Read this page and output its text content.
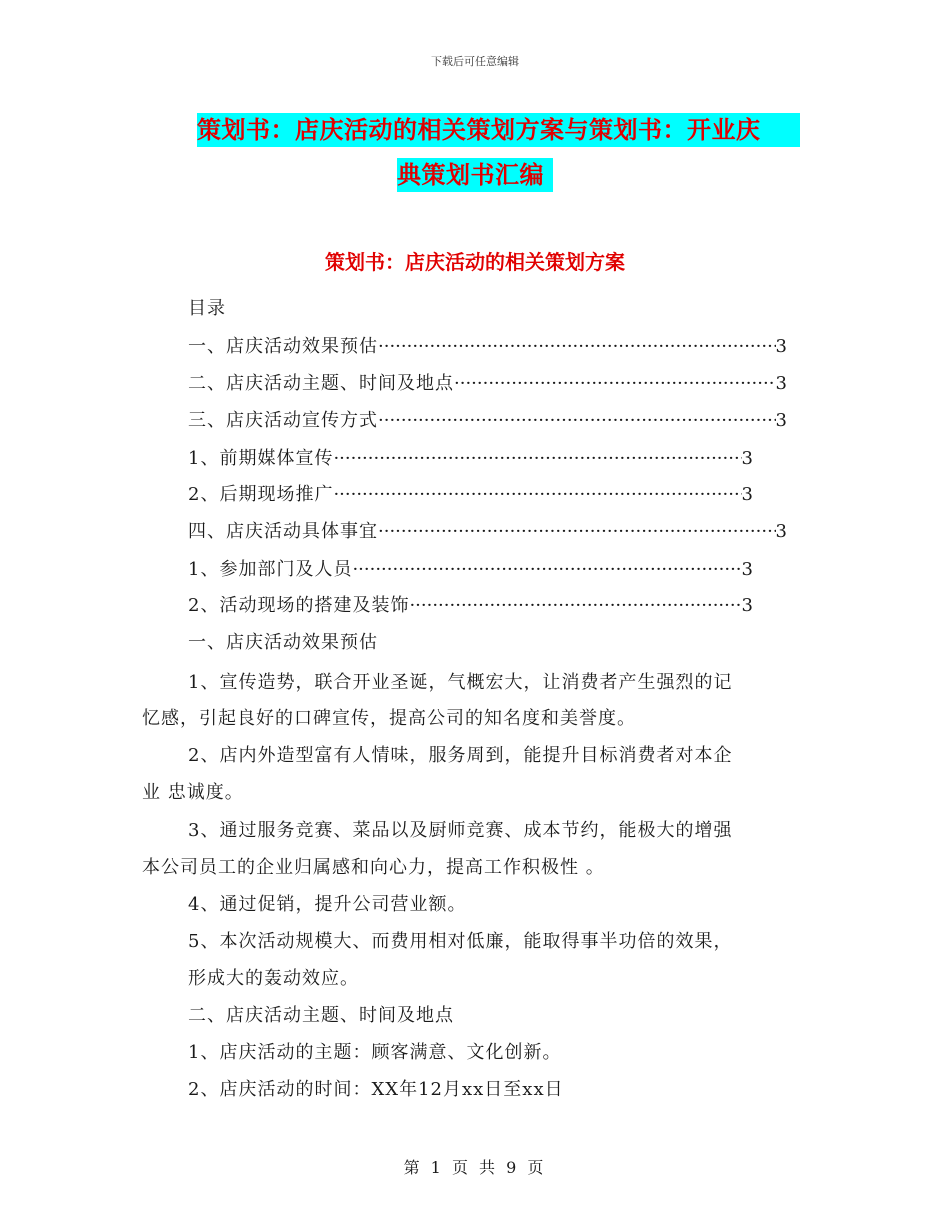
下载后可任意编辑
策划书：店庆活动的相关策划方案与策划书：开业庆
典策划书汇编
策划书：店庆活动的相关策划方案
目录
一、店庆活动效果预估 ·····	3
二、店庆活动主题、时间及地点 ·····	3
三、店庆活动宣传方式 ·····	3
1、前期媒体宣传 ·····	3
2、后期现场推广 ·····	3
四、店庆活动具体事宜 ·····	3
1、参加部门及人员 ·····	3
2、活动现场的搭建及装饰 ·····	3
一、店庆活动效果预估
1、宣传造势，联合开业圣诞，气概宏大，让消费者产生强烈的记
忆感，引起良好的口碑宣传，提高公司的知名度和美誉度。
2、店内外造型富有人情味，服务周到，能提升目标消费者对本企
业 忠诚度。
3、通过服务竞赛、菜品以及厨师竞赛、成本节约，能极大的增强
本公司员工的企业归属感和向心力，提高工作积极性 。
4、通过促销，提升公司营业额。
5、本次活动规模大、而费用相对低廉，能取得事半功倍的效果，
形成大的轰动效应。
二、店庆活动主题、时间及地点
1、店庆活动的主题：顾客满意、文化创新。
2、店庆活动的时间：XX年12月xx日至xx日
第 1 页 共 9 页
